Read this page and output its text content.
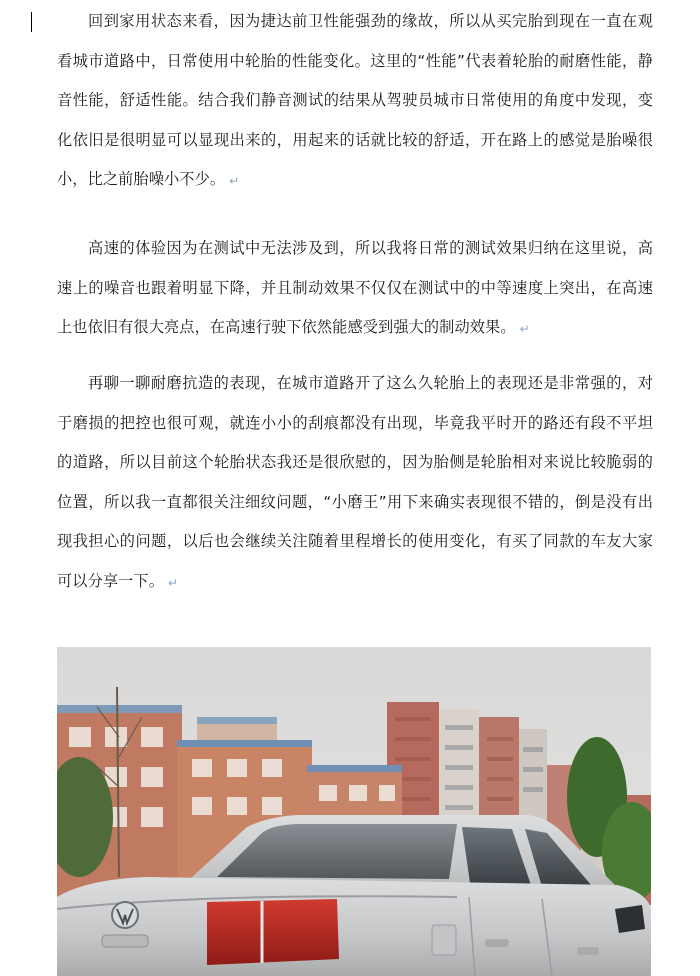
回到家用状态来看，因为捷达前卫性能强劲的缘故，所以从买完胎到现在一直在观看城市道路中，日常使用中轮胎的性能变化。这里的“性能”代表着轮胎的耐磨性能，静音性能，舒适性能。结合我们静音测试的结果从驾驶员城市日常使用的角度中发现，变化依旧是很明显可以显现出来的，用起来的话就比较的舒适，开在路上的感觉是胎噪很小，比之前胎噪小不少。 ↵

高速的体验因为在测试中无法涉及到，所以我将日常的测试效果归纳在这里说，高速上的噪音也跟着明显下降，并且制动效果不仅仅在测试中的中等速度上突出，在高速上也依旧有很大亮点，在高速行驶下依然能感受到强大的制动效果。 ↵

再聊一聊耐磨抗造的表现，在城市道路开了这么久轮胎上的表现还是非常强的，对于磨损的把控也很可观，就连小小的刮痕都没有出现，毕竟我平时开的路还有段不平坦的道路，所以目前这个轮胎状态我还是很欣慰的，因为胎侧是轮胎相对来说比较脆弱的位置，所以我一直都很关注细纹问题，“小磨王”用下来确实表现很不错的，倒是没有出现我担心的问题，以后也会继续关注随着里程增长的使用变化，有买了同款的车友大家可以分享一下。 ↵
